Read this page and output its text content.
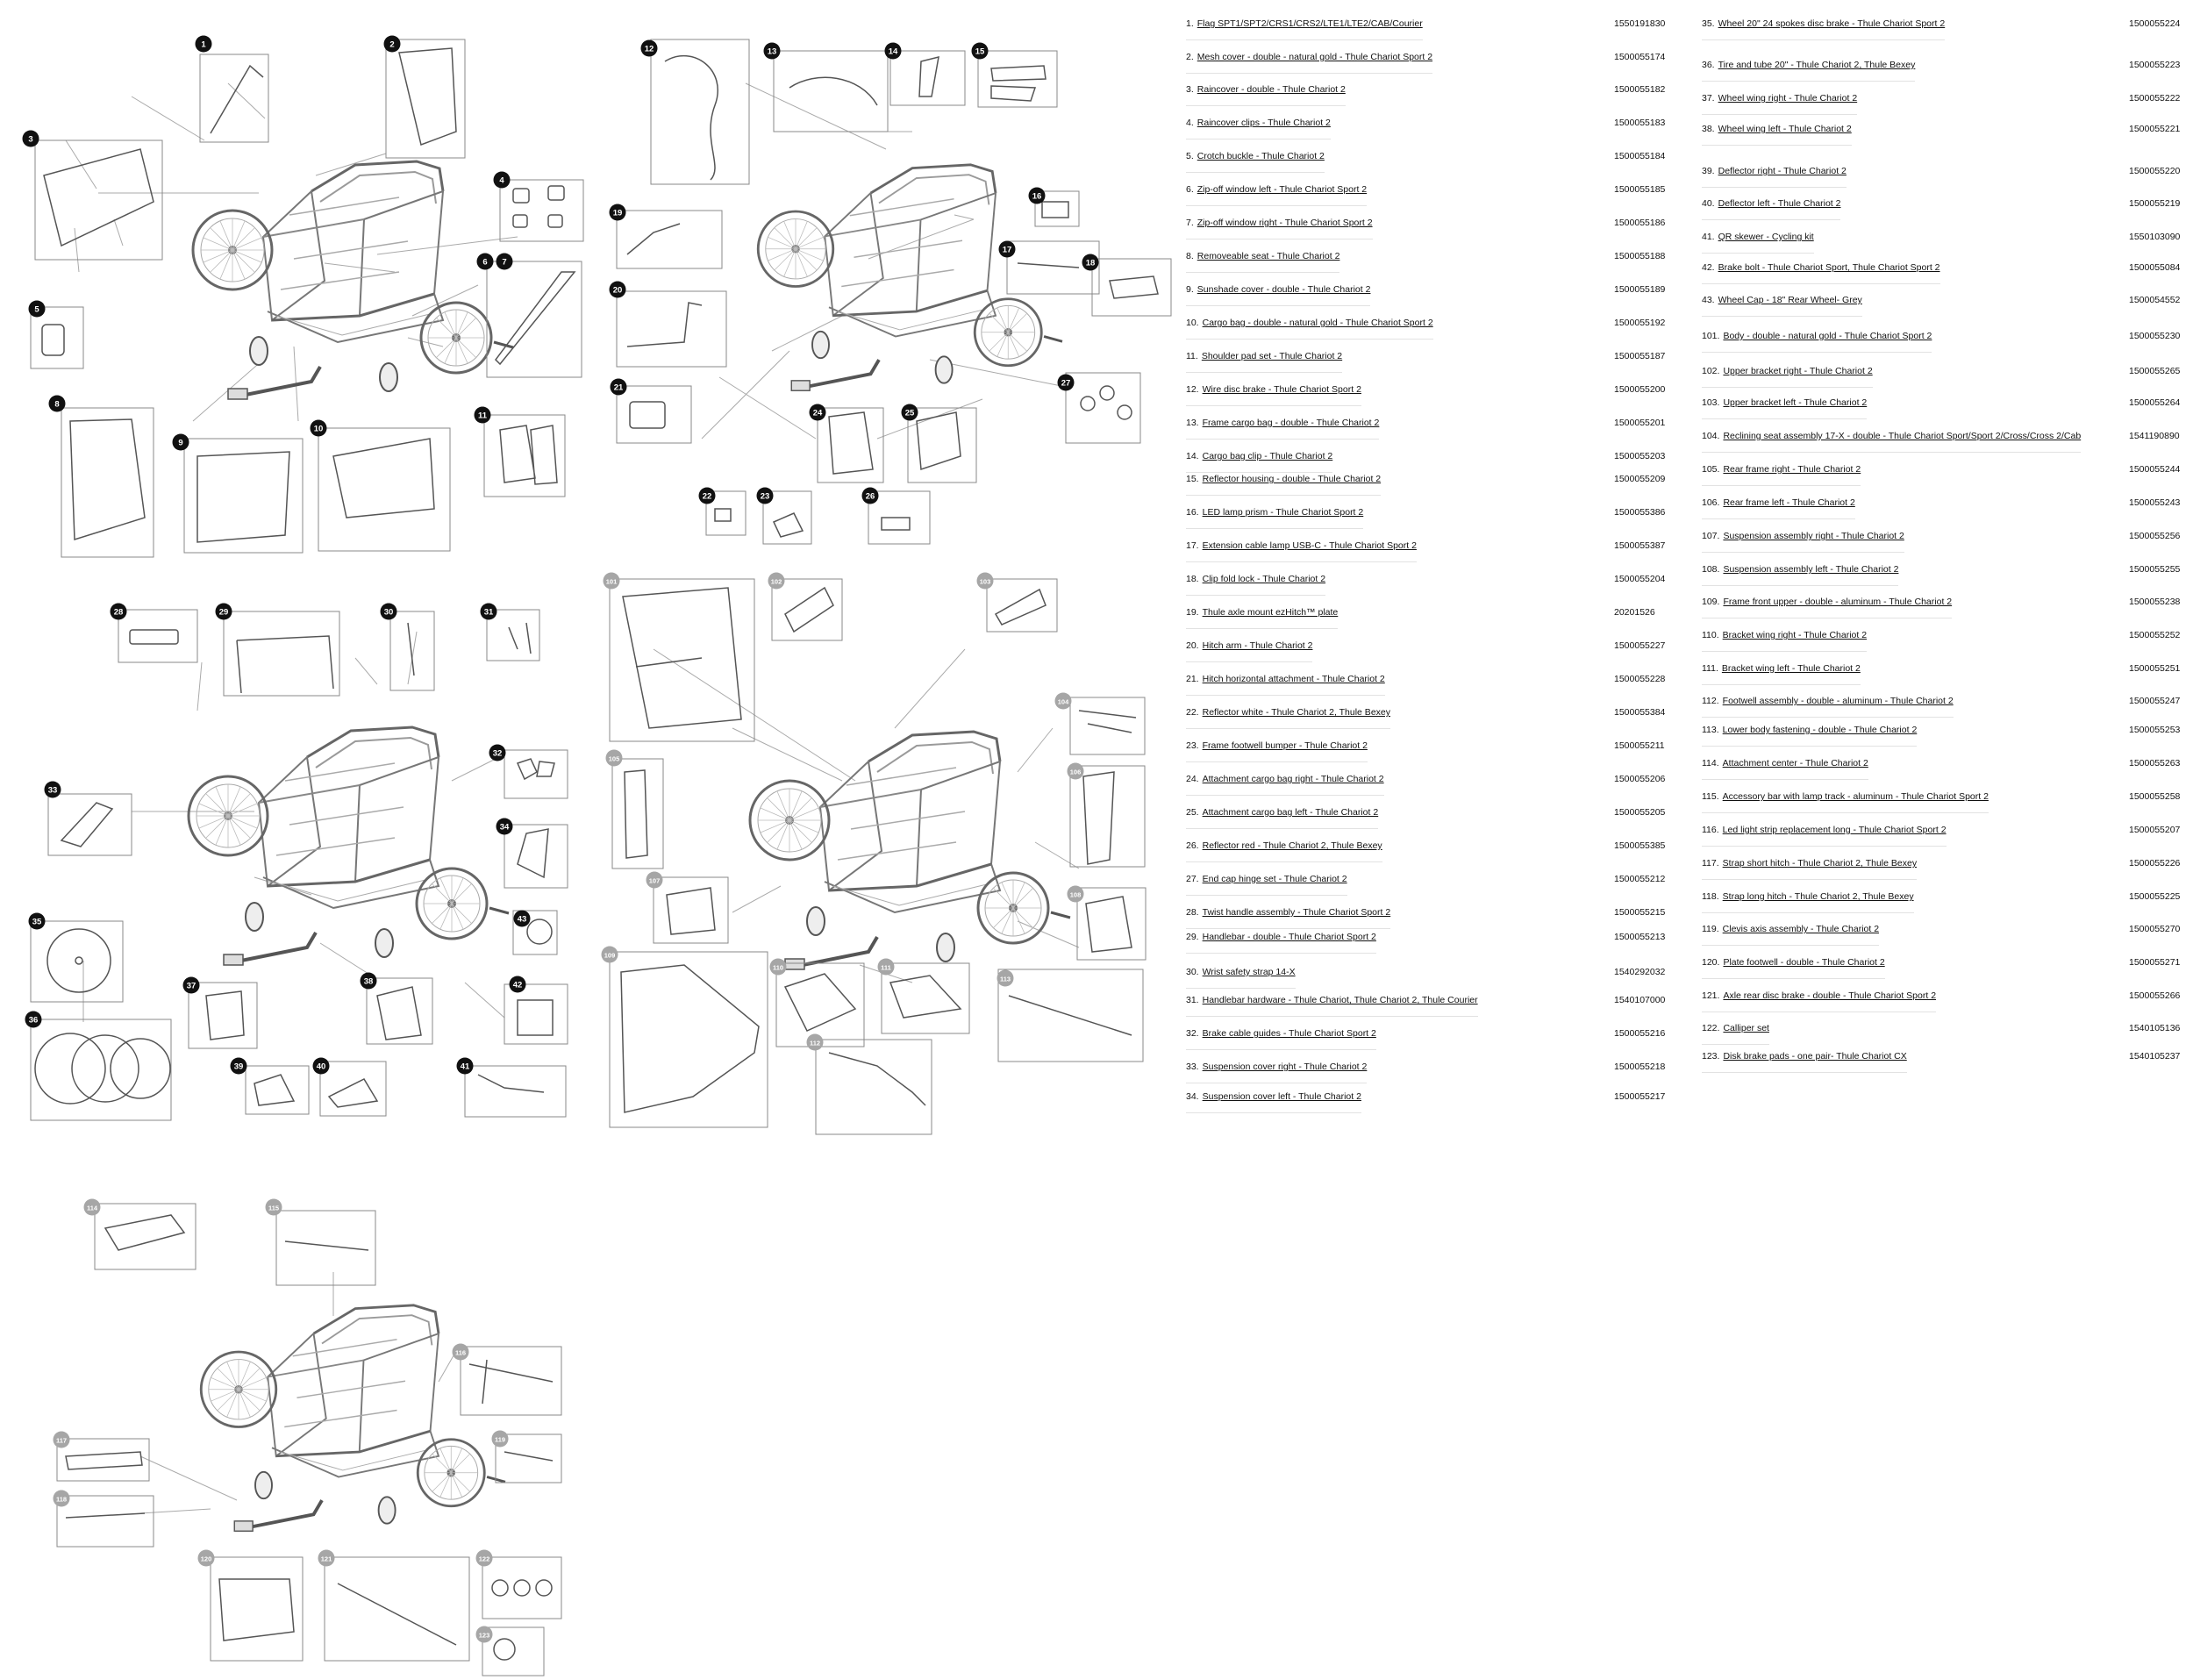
1	2
3
4
5
6 7
8
9
10
11
12	13	14	15
16
17
18
19
20
21
22	23
24	25
26
27
28	29	30	31
32
33
34
35
36
37	38
39	40	41
42
43
101	102	103
104
105
106
107
108
109
110	111
112
113
114	115
116
117
118
119
120	121	122
123
1. Flag SPT1/SPT2/CRS1/CRS2/LTE1/LTE2/CAB/Courier	1550191830
2. Mesh cover - double - natural gold - Thule Chariot Sport 2	1500055174
3. Raincover - double - Thule Chariot 2	1500055182
4. Raincover clips - Thule Chariot 2	1500055183
5. Crotch buckle - Thule Chariot 2	1500055184
6. Zip-off window left - Thule Chariot Sport 2	1500055185
7. Zip-off window right - Thule Chariot Sport 2	1500055186
8. Removeable seat - Thule Chariot 2	1500055188
9. Sunshade cover - double - Thule Chariot 2	1500055189
10. Cargo bag - double - natural gold - Thule Chariot Sport 2	1500055192
11. Shoulder pad set - Thule Chariot 2	1500055187
12. Wire disc brake - Thule Chariot Sport 2	1500055200
13. Frame cargo bag - double - Thule Chariot 2	1500055201
14. Cargo bag clip - Thule Chariot 2	1500055203
15. Reflector housing - double - Thule Chariot 2	1500055209
16. LED lamp prism - Thule Chariot Sport 2	1500055386
17. Extension cable lamp USB-C - Thule Chariot Sport 2	1500055387
18. Clip fold lock - Thule Chariot 2	1500055204
19. Thule axle mount ezHitch™ plate	20201526
20. Hitch arm - Thule Chariot 2	1500055227
21. Hitch horizontal attachment - Thule Chariot 2	1500055228
22. Reflector white - Thule Chariot 2, Thule Bexey	1500055384
23. Frame footwell bumper - Thule Chariot 2	1500055211
24. Attachment cargo bag right - Thule Chariot 2	1500055206
25. Attachment cargo bag left - Thule Chariot 2	1500055205
26. Reflector red - Thule Chariot 2, Thule Bexey	1500055385
27. End cap hinge set - Thule Chariot 2	1500055212
28. Twist handle assembly - Thule Chariot Sport 2	1500055215
29. Handlebar - double - Thule Chariot Sport 2	1500055213
30. Wrist safety strap 14-X	1540292032
31. Handlebar hardware - Thule Chariot, Thule Chariot 2, Thule Courier	1540107000
32. Brake cable guides - Thule Chariot Sport 2	1500055216
33. Suspension cover right - Thule Chariot 2	1500055218
34. Suspension cover left - Thule Chariot 2	1500055217
35. Wheel 20" 24 spokes disc brake - Thule Chariot Sport 2	1500055224
36. Tire and tube 20" - Thule Chariot 2, Thule Bexey	1500055223
37. Wheel wing right - Thule Chariot 2	1500055222
38. Wheel wing left - Thule Chariot 2	1500055221
39. Deflector right - Thule Chariot 2	1500055220
40. Deflector left - Thule Chariot 2	1500055219
41. QR skewer - Cycling kit	1550103090
42. Brake bolt - Thule Chariot Sport, Thule Chariot Sport 2	1500055084
43. Wheel Cap - 18" Rear Wheel- Grey	1500054552
101. Body - double - natural gold - Thule Chariot Sport 2	1500055230
102. Upper bracket right - Thule Chariot 2	1500055265
103. Upper bracket left - Thule Chariot 2	1500055264
104. Reclining seat assembly 17-X - double - Thule Chariot Sport/Sport 2/Cross/Cross 2/Cab	1541190890
105. Rear frame right - Thule Chariot 2	1500055244
106. Rear frame left - Thule Chariot 2	1500055243
107. Suspension assembly right - Thule Chariot 2	1500055256
108. Suspension assembly left - Thule Chariot 2	1500055255
109. Frame front upper - double - aluminum - Thule Chariot 2	1500055238
110. Bracket wing right - Thule Chariot 2	1500055252
111. Bracket wing left - Thule Chariot 2	1500055251
112. Footwell assembly - double - aluminum - Thule Chariot 2	1500055247
113. Lower body fastening - double - Thule Chariot 2	1500055253
114. Attachment center - Thule Chariot 2	1500055263
115. Accessory bar with lamp track - aluminum - Thule Chariot Sport 2	1500055258
116. Led light strip replacement long - Thule Chariot Sport 2	1500055207
117. Strap short hitch - Thule Chariot 2, Thule Bexey	1500055226
118. Strap long hitch - Thule Chariot 2, Thule Bexey	1500055225
119. Clevis axis assembly - Thule Chariot 2	1500055270
120. Plate footwell - double - Thule Chariot 2	1500055271
121. Axle rear disc brake - double - Thule Chariot Sport 2	1500055266
122. Calliper set	1540105136
123. Disk brake pads - one pair- Thule Chariot CX	1540105237
